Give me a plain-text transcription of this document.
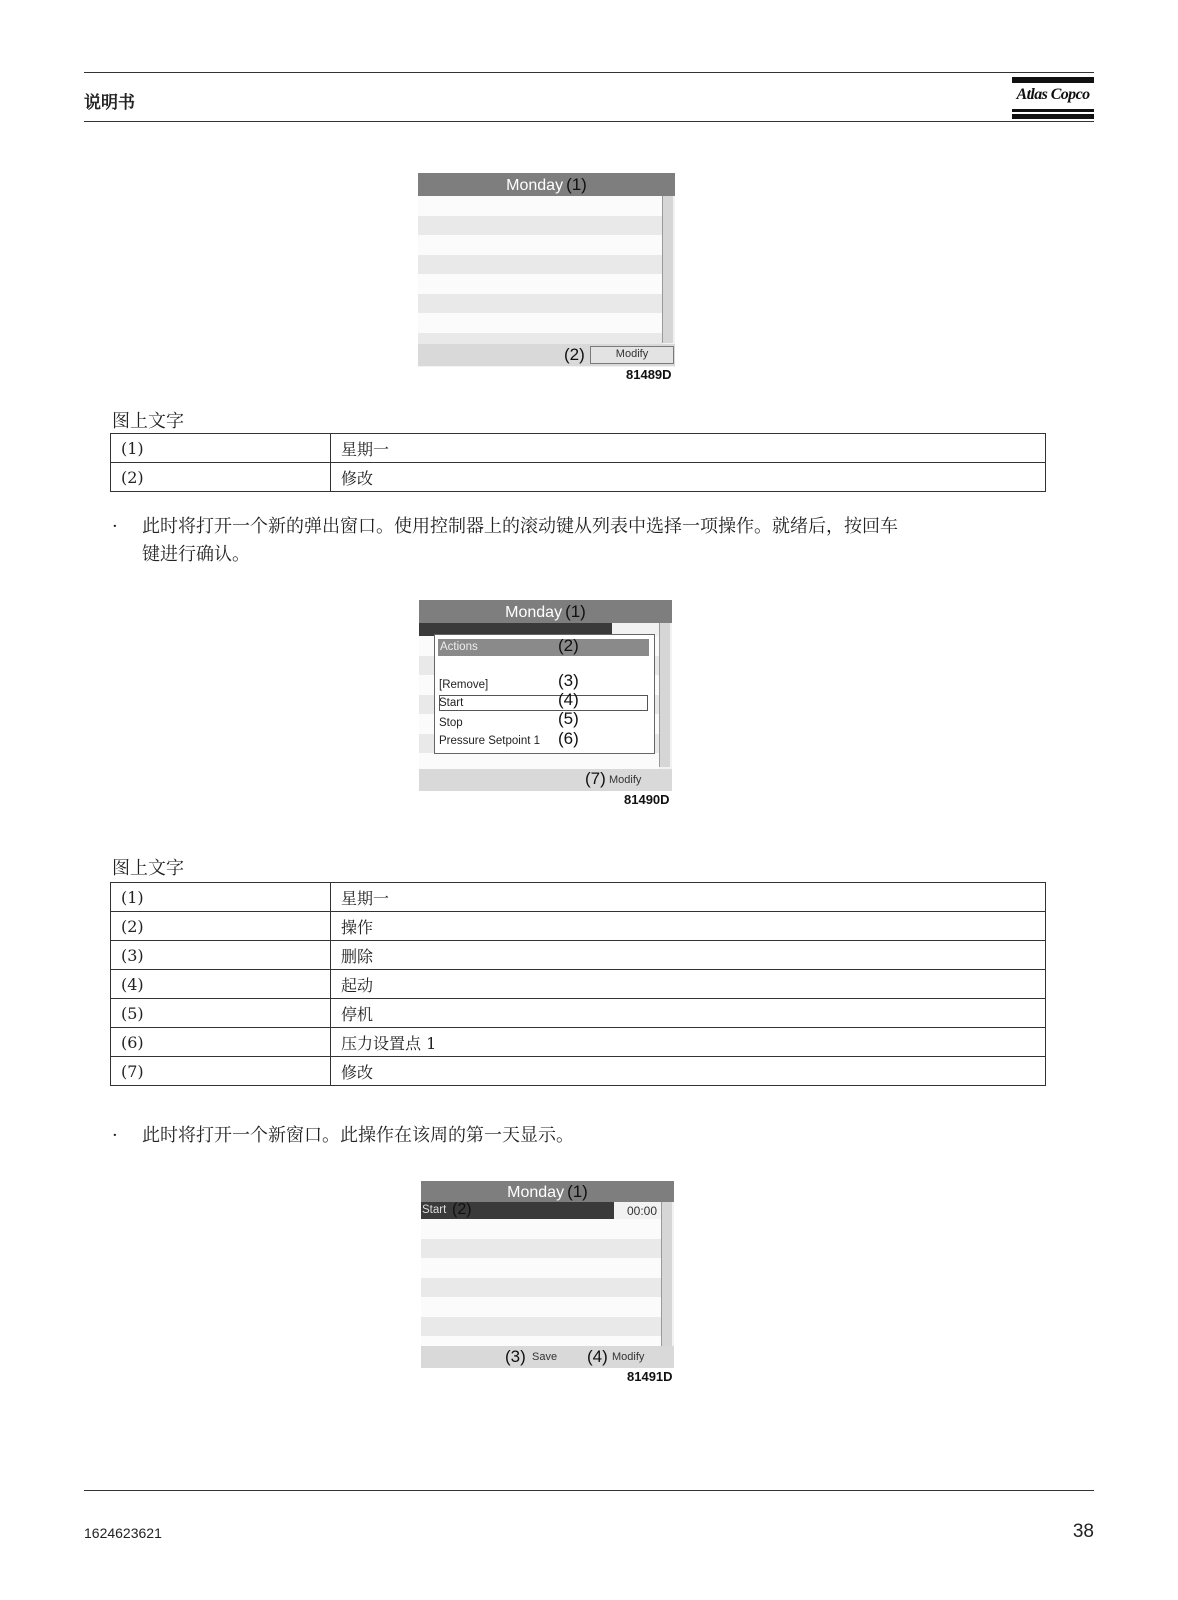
说明书	Atlas Copco
Monday (1)
(2)	Modify
81489D
图上文字
(1)	星期一
(2)	修改
· 此时将打开一个新的弹出窗口。使用控制器上的滚动键从列表中选择一项操作。就绪后，按回车
键进行确认。
Monday (1)
Actions	(2)
[Remove]	(3)
Start	(4)
Stop	(5)
Pressure Setpoint 1 (6)
(7) Modify
81490D
图上文字
(1)	星期一
(2)	操作
(3)	删除
(4)	起动
(5)	停机
(6)	压力设置点 1
(7)	修改
· 此时将打开一个新窗口。此操作在该周的第一天显示。
Monday (1)
Start (2)	00:00
(3) Save (4) Modify
81491D
1624623621	38
